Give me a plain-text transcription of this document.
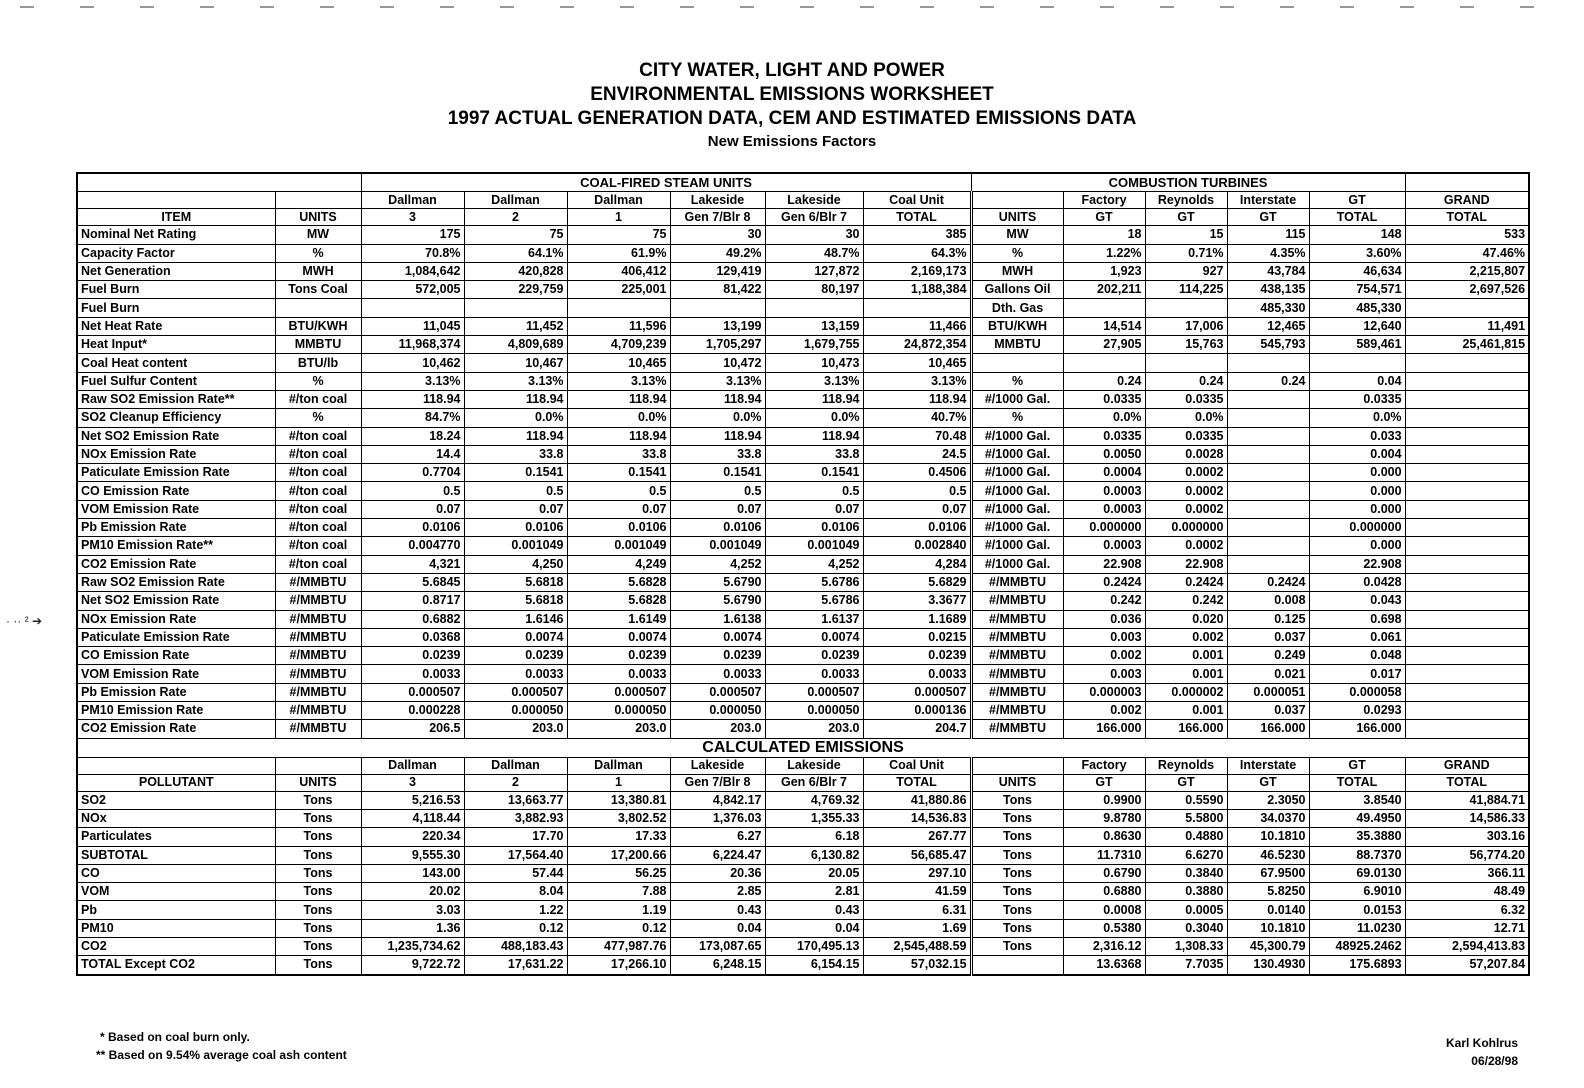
CITY WATER, LIGHT AND POWER
ENVIRONMENTAL EMISSIONS WORKSHEET
1997 ACTUAL GENERATION DATA, CEM AND ESTIMATED EMISSIONS DATA
New Emissions Factors
· ·· ² ➔
		COAL-FIRED STEAM UNITS						COMBUSTION TURBINES					
		Dallman	Dallman	Dallman	Lakeside	Lakeside	Coal Unit		Factory	Reynolds	Interstate	GT	GRAND
ITEM	UNITS	3	2	1	Gen 7/Blr 8	Gen 6/Blr 7	TOTAL	UNITS	GT	GT	GT	TOTAL	TOTAL
Nominal Net Rating	MW	175	75	75	30	30	385	MW	18	15	115	148	533
Capacity Factor	%	70.8%	64.1%	61.9%	49.2%	48.7%	64.3%	%	1.22%	0.71%	4.35%	3.60%	47.46%
Net Generation	MWH	1,084,642	420,828	406,412	129,419	127,872	2,169,173	MWH	1,923	927	43,784	46,634	2,215,807
Fuel Burn	Tons Coal	572,005	229,759	225,001	81,422	80,197	1,188,384	Gallons Oil	202,211	114,225	438,135	754,571	2,697,526
Fuel Burn								Dth. Gas			485,330	485,330	
Net Heat Rate	BTU/KWH	11,045	11,452	11,596	13,199	13,159	11,466	BTU/KWH	14,514	17,006	12,465	12,640	11,491
Heat Input*	MMBTU	11,968,374	4,809,689	4,709,239	1,705,297	1,679,755	24,872,354	MMBTU	27,905	15,763	545,793	589,461	25,461,815
Coal Heat content	BTU/lb	10,462	10,467	10,465	10,472	10,473	10,465						
Fuel Sulfur Content	%	3.13%	3.13%	3.13%	3.13%	3.13%	3.13%	%	0.24	0.24	0.24	0.04	
Raw SO2 Emission Rate**	#/ton coal	118.94	118.94	118.94	118.94	118.94	118.94	#/1000 Gal.	0.0335	0.0335		0.0335	
SO2 Cleanup Efficiency	%	84.7%	0.0%	0.0%	0.0%	0.0%	40.7%	%	0.0%	0.0%		0.0%	
Net SO2 Emission Rate	#/ton coal	18.24	118.94	118.94	118.94	118.94	70.48	#/1000 Gal.	0.0335	0.0335		0.033	
NOx Emission Rate	#/ton coal	14.4	33.8	33.8	33.8	33.8	24.5	#/1000 Gal.	0.0050	0.0028		0.004	
Paticulate Emission Rate	#/ton coal	0.7704	0.1541	0.1541	0.1541	0.1541	0.4506	#/1000 Gal.	0.0004	0.0002		0.000	
CO Emission Rate	#/ton coal	0.5	0.5	0.5	0.5	0.5	0.5	#/1000 Gal.	0.0003	0.0002		0.000	
VOM Emission Rate	#/ton coal	0.07	0.07	0.07	0.07	0.07	0.07	#/1000 Gal.	0.0003	0.0002		0.000	
Pb Emission Rate	#/ton coal	0.0106	0.0106	0.0106	0.0106	0.0106	0.0106	#/1000 Gal.	0.000000	0.000000		0.000000	
PM10 Emission Rate**	#/ton coal	0.004770	0.001049	0.001049	0.001049	0.001049	0.002840	#/1000 Gal.	0.0003	0.0002		0.000	
CO2 Emission Rate	#/ton coal	4,321	4,250	4,249	4,252	4,252	4,284	#/1000 Gal.	22.908	22.908		22.908	
Raw SO2 Emission Rate	#/MMBTU	5.6845	5.6818	5.6828	5.6790	5.6786	5.6829	#/MMBTU	0.2424	0.2424	0.2424	0.0428	
Net SO2 Emission Rate	#/MMBTU	0.8717	5.6818	5.6828	5.6790	5.6786	3.3677	#/MMBTU	0.242	0.242	0.008	0.043	
NOx Emission Rate	#/MMBTU	0.6882	1.6146	1.6149	1.6138	1.6137	1.1689	#/MMBTU	0.036	0.020	0.125	0.698	
Paticulate Emission Rate	#/MMBTU	0.0368	0.0074	0.0074	0.0074	0.0074	0.0215	#/MMBTU	0.003	0.002	0.037	0.061	
CO Emission Rate	#/MMBTU	0.0239	0.0239	0.0239	0.0239	0.0239	0.0239	#/MMBTU	0.002	0.001	0.249	0.048	
VOM Emission Rate	#/MMBTU	0.0033	0.0033	0.0033	0.0033	0.0033	0.0033	#/MMBTU	0.003	0.001	0.021	0.017	
Pb Emission Rate	#/MMBTU	0.000507	0.000507	0.000507	0.000507	0.000507	0.000507	#/MMBTU	0.000003	0.000002	0.000051	0.000058	
PM10 Emission Rate	#/MMBTU	0.000228	0.000050	0.000050	0.000050	0.000050	0.000136	#/MMBTU	0.002	0.001	0.037	0.0293	
CO2 Emission Rate	#/MMBTU	206.5	203.0	203.0	203.0	203.0	204.7	#/MMBTU	166.000	166.000	166.000	166.000	
CALCULATED EMISSIONS													
		Dallman	Dallman	Dallman	Lakeside	Lakeside	Coal Unit		Factory	Reynolds	Interstate	GT	GRAND
POLLUTANT	UNITS	3	2	1	Gen 7/Blr 8	Gen 6/Blr 7	TOTAL	UNITS	GT	GT	GT	TOTAL	TOTAL
SO2	Tons	5,216.53	13,663.77	13,380.81	4,842.17	4,769.32	41,880.86	Tons	0.9900	0.5590	2.3050	3.8540	41,884.71
NOx	Tons	4,118.44	3,882.93	3,802.52	1,376.03	1,355.33	14,536.83	Tons	9.8780	5.5800	34.0370	49.4950	14,586.33
Particulates	Tons	220.34	17.70	17.33	6.27	6.18	267.77	Tons	0.8630	0.4880	10.1810	35.3880	303.16
SUBTOTAL	Tons	9,555.30	17,564.40	17,200.66	6,224.47	6,130.82	56,685.47	Tons	11.7310	6.6270	46.5230	88.7370	56,774.20
CO	Tons	143.00	57.44	56.25	20.36	20.05	297.10	Tons	0.6790	0.3840	67.9500	69.0130	366.11
VOM	Tons	20.02	8.04	7.88	2.85	2.81	41.59	Tons	0.6880	0.3880	5.8250	6.9010	48.49
Pb	Tons	3.03	1.22	1.19	0.43	0.43	6.31	Tons	0.0008	0.0005	0.0140	0.0153	6.32
PM10	Tons	1.36	0.12	0.12	0.04	0.04	1.69	Tons	0.5380	0.3040	10.1810	11.0230	12.71
CO2	Tons	1,235,734.62	488,183.43	477,987.76	173,087.65	170,495.13	2,545,488.59	Tons	2,316.12	1,308.33	45,300.79	48925.2462	2,594,413.83
TOTAL Except CO2	Tons	9,722.72	17,631.22	17,266.10	6,248.15	6,154.15	57,032.15		13.6368	7.7035	130.4930	175.6893	57,207.84
* Based on coal burn only.
** Based on 9.54% average coal ash content
Karl Kohlrus
06/28/98
